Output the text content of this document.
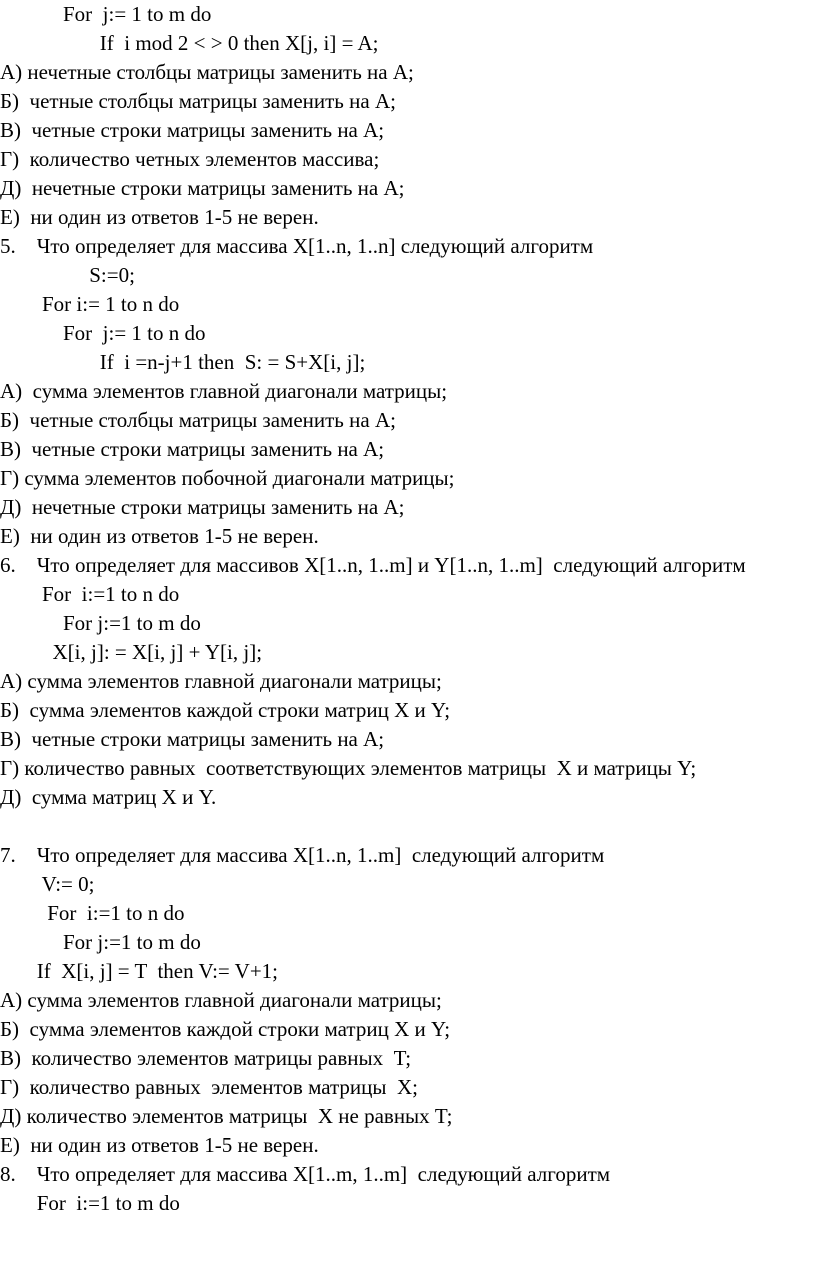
For  j:= 1 to m do
If  i mod 2 < > 0 then X[j, i] = A;
А) нечетные столбцы матрицы заменить на А;
Б)  четные столбцы матрицы заменить на А;
В)  четные строки матрицы заменить на А;
Г)  количество четных элементов массива;
Д)  нечетные строки матрицы заменить на А;
Е)  ни один из ответов 1-5 не верен.
5.    Что определяет для массива X[1..n, 1..n] следующий алгоритм
S:=0;
For i:= 1 to n do
For  j:= 1 to n do
If  i =n-j+1 then  S: = S+X[i, j];
А)  сумма элементов главной диагонали матрицы;
Б)  четные столбцы матрицы заменить на А;
В)  четные строки матрицы заменить на А;
Г) сумма элементов побочной диагонали матрицы;
Д)  нечетные строки матрицы заменить на А;
Е)  ни один из ответов 1-5 не верен.
6.    Что определяет для массивов X[1..n, 1..m] и Y[1..n, 1..m]  следующий алгоритм
For  i:=1 to n do
For j:=1 to m do
X[i, j]: = X[i, j] + Y[i, j];
А) сумма элементов главной диагонали матрицы;
Б)  сумма элементов каждой строки матриц X и Y;
В)  четные строки матрицы заменить на А;
Г) количество равных  соответствующих элементов матрицы  X и матрицы Y;
Д)  сумма матриц X и Y.
7.    Что определяет для массива X[1..n, 1..m]  следующий алгоритм
V:= 0;
For  i:=1 to n do
For j:=1 to m do
If  X[i, j] = T  then V:= V+1;
А) сумма элементов главной диагонали матрицы;
Б)  сумма элементов каждой строки матриц X и Y;
В)  количество элементов матрицы равных  T;
Г)  количество равных  элементов матрицы  X;
Д) количество элементов матрицы  X не равных T;
Е)  ни один из ответов 1-5 не верен.
8.    Что определяет для массива X[1..m, 1..m]  следующий алгоритм
For  i:=1 to m do
